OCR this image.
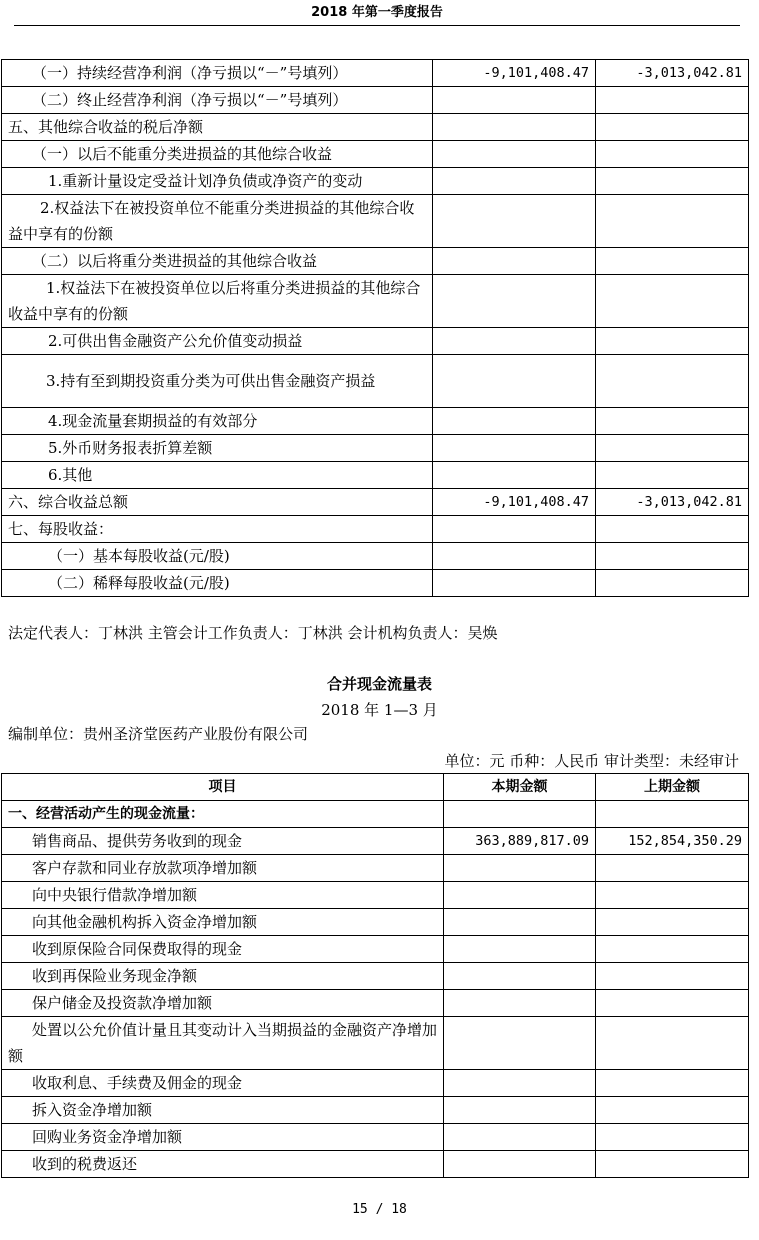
2018 年第一季度报告
（一）持续经营净利润（净亏损以“－”号填列）	-9,101,408.47	-3,013,042.81
（二）终止经营净利润（净亏损以“－”号填列）		
五、其他综合收益的税后净额		
（一）以后不能重分类进损益的其他综合收益		
1.重新计量设定受益计划净负债或净资产的变动		
2.权益法下在被投资单位不能重分类进损益的其他综合收益中享有的份额		
（二）以后将重分类进损益的其他综合收益		
1.权益法下在被投资单位以后将重分类进损益的其他综合收益中享有的份额		
2.可供出售金融资产公允价值变动损益		
3.持有至到期投资重分类为可供出售金融资产损益		
4.现金流量套期损益的有效部分		
5.外币财务报表折算差额		
6.其他		
六、综合收益总额	-9,101,408.47	-3,013,042.81
七、每股收益：		
（一）基本每股收益(元/股)		
（二）稀释每股收益(元/股)		
法定代表人：丁林洪 主管会计工作负责人：丁林洪 会计机构负责人：吴焕
合并现金流量表
2018 年 1—3 月
编制单位：贵州圣济堂医药产业股份有限公司
单位：元 币种：人民币 审计类型：未经审计
项目	本期金额	上期金额
一、经营活动产生的现金流量：		
销售商品、提供劳务收到的现金	363,889,817.09	152,854,350.29
客户存款和同业存放款项净增加额		
向中央银行借款净增加额		
向其他金融机构拆入资金净增加额		
收到原保险合同保费取得的现金		
收到再保险业务现金净额		
保户储金及投资款净增加额		
处置以公允价值计量且其变动计入当期损益的金融资产净增加额		
收取利息、手续费及佣金的现金		
拆入资金净增加额		
回购业务资金净增加额		
收到的税费返还		
15 / 18
